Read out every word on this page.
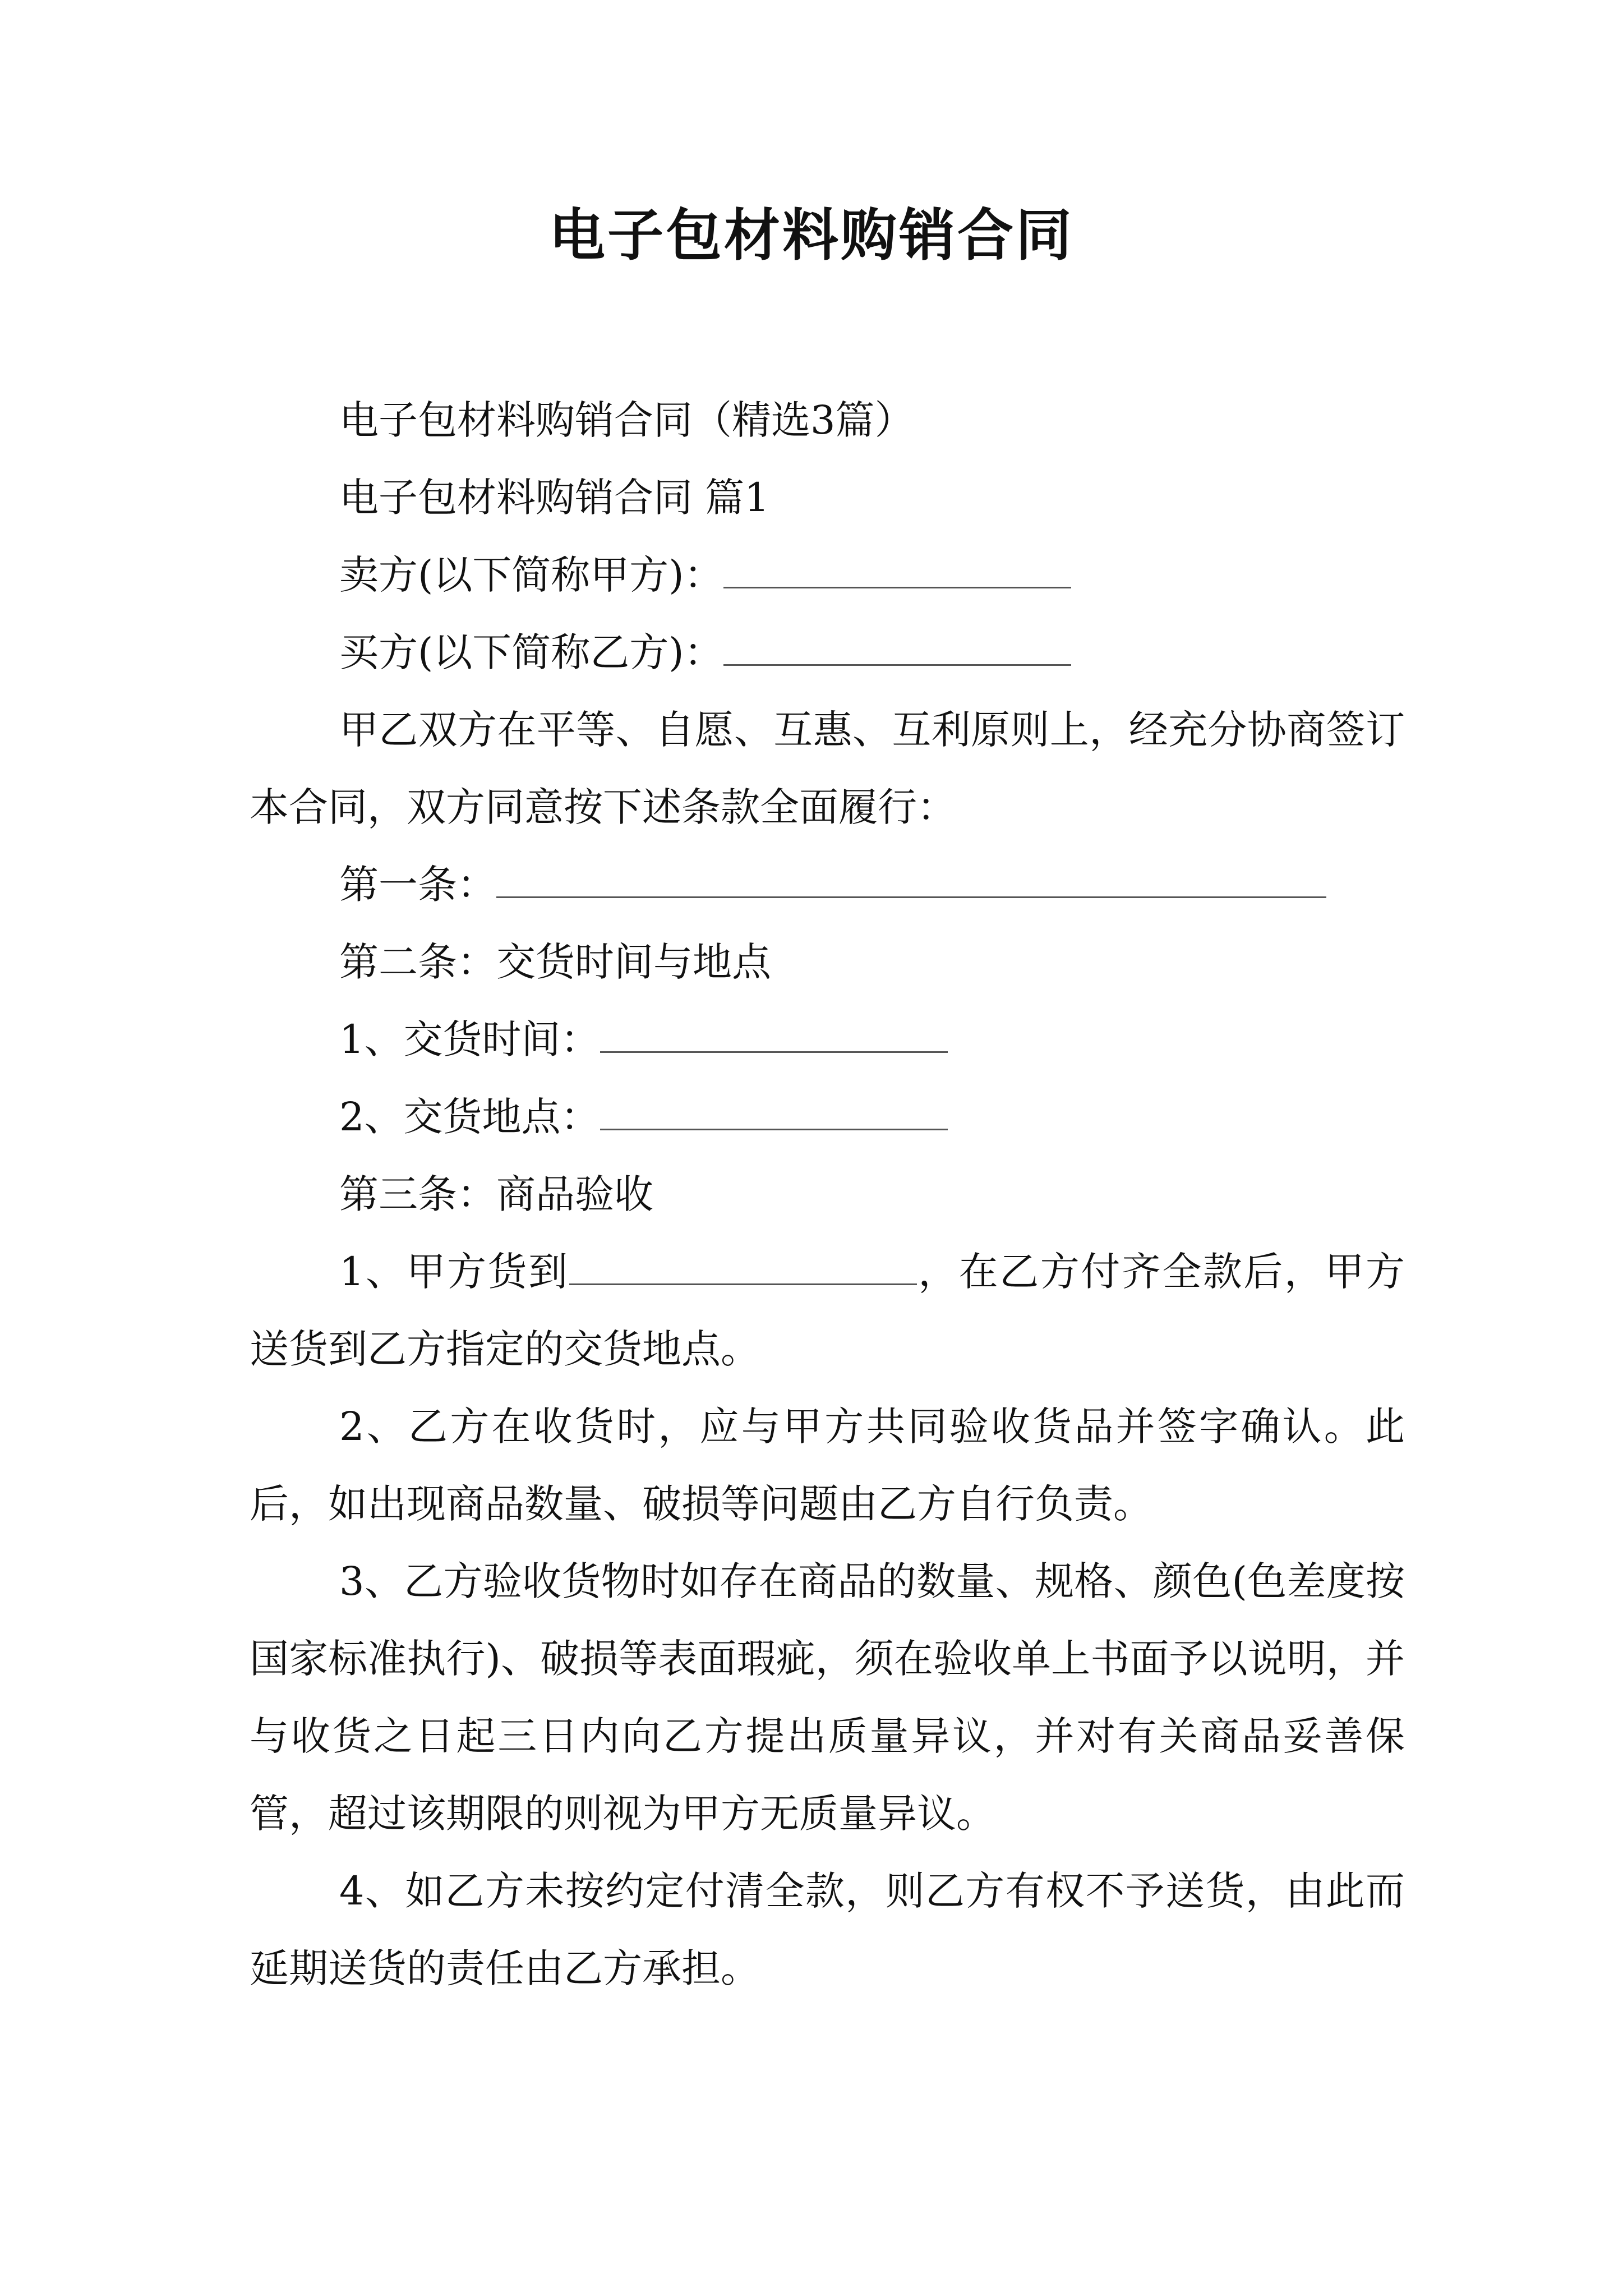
电子包材料购销合同

电子包材料购销合同（精选3篇）

电子包材料购销合同 篇1

卖方(以下简称甲方)：

买方(以下简称乙方)：

甲乙双方在平等、自愿、互惠、互利原则上，经充分协商签订本合同，双方同意按下述条款全面履行：

第一条：

第二条：交货时间与地点

1、交货时间：

2、交货地点：

第三条：商品验收

1、甲方货到	，在乙方付齐全款后，甲方送货到乙方指定的交货地点。

2、乙方在收货时，应与甲方共同验收货品并签字确认。此后，如出现商品数量、破损等问题由乙方自行负责。

3、乙方验收货物时如存在商品的数量、规格、颜色(色差度按国家标准执行)、破损等表面瑕疵，须在验收单上书面予以说明，并与收货之日起三日内向乙方提出质量异议，并对有关商品妥善保管，超过该期限的则视为甲方无质量异议。

4、如乙方未按约定付清全款，则乙方有权不予送货，由此而延期送货的责任由乙方承担。
